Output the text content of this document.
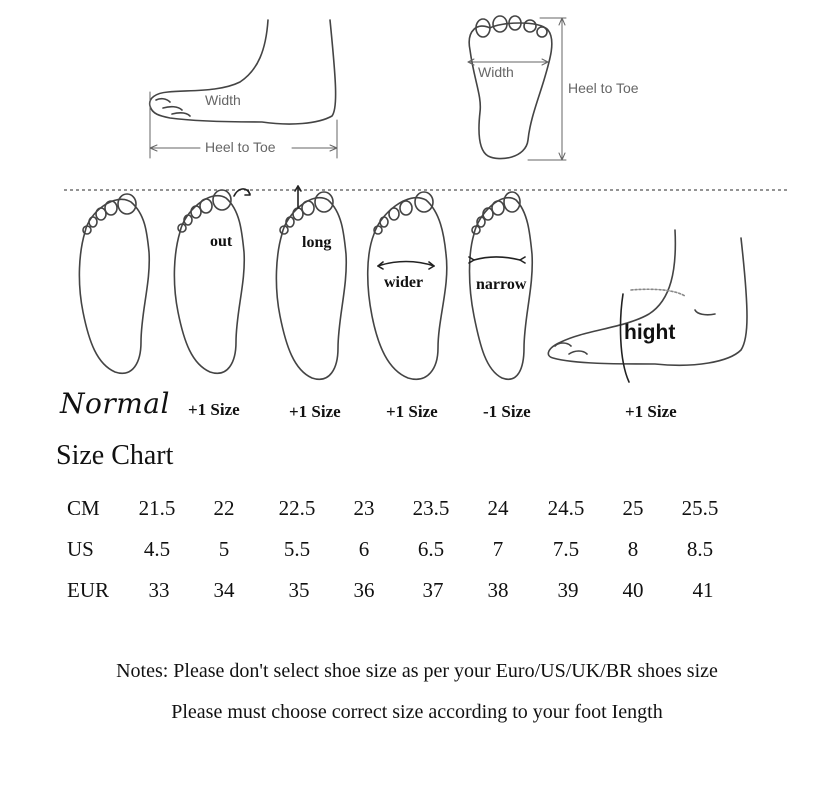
Width
Heel to Toe
Width
Heel to Toe
out	long
wider	narrow
hight
Normal +1 Size	+1 Size	+1 Size	-1 Size	+1 Size
Size Chart
CM	21.5	22	22.5	23	23.5	24	24.5	25	25.5
US	4.5	5	5.5	6	6.5	7	7.5	8	8.5
EUR	33	34	35	36	37	38	39	40	41
Notes: Please don't select shoe size as per your Euro/US/UK/BR shoes size
Please must choose correct size according to your foot Iength
